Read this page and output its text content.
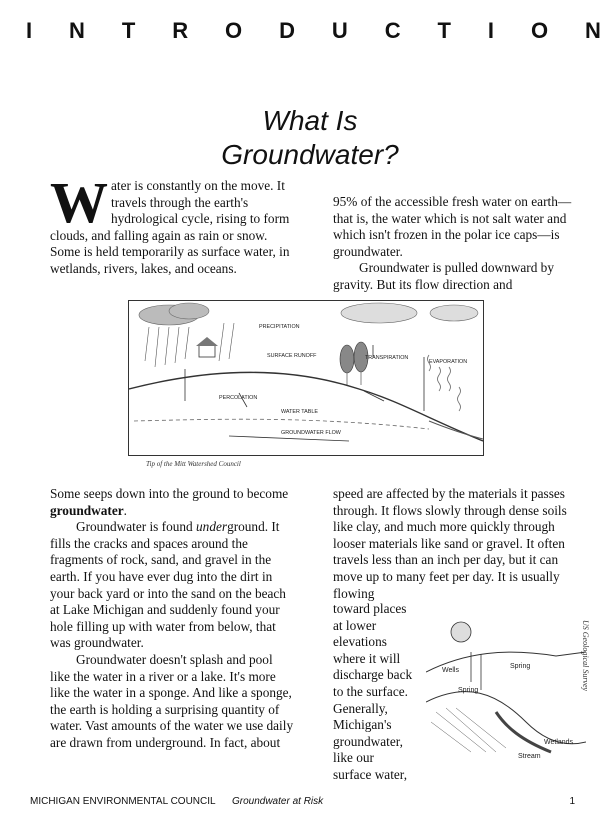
I N T R O D U C T I O N
What Is
Groundwater?

Water is constantly on the move. It travels through the earth's hydrological cycle, rising to form clouds, and falling again as rain or snow. Some is held temporarily as surface water, in wetlands, rivers, lakes, and oceans.

95% of the accessible fresh water on earth—that is, the water which is not salt water and which isn't frozen in the polar ice caps—is groundwater.

Groundwater is pulled downward by gravity. But its flow direction and

PRECIPITATION
SURFACE RUNOFF	TRANSPIRATION
EVAPORATION
PERCOLATION
WATER TABLE
GROUNDWATER FLOW
Tip of the Mitt Watershed Council

Some seeps down into the ground to become groundwater.

Groundwater is found underground. It fills the cracks and spaces around the fragments of rock, sand, and gravel in the earth. If you have ever dug into the dirt in your back yard or into the sand on the beach at Lake Michigan and suddenly found your hole filling up with water from below, that was groundwater.

Groundwater doesn't splash and pool like the water in a river or a lake. It's more like the water in a sponge. And like a sponge, the earth is holding a surprising quantity of water. Vast amounts of the water we use daily are drawn from underground. In fact, about

speed are affected by the materials it passes through. It flows slowly through dense soils like clay, and much more quickly through looser materials like sand or gravel. It often travels less than an inch per day, but it can move up to many feet per day. It is usually flowing

toward places
at lower
elevations
where it will
discharge back
to the surface.
Generally,
Michigan's
groundwater,
like our
surface water,
Spring
Wells
Spring
Wetlands
Stream
US Geological Survey
MICHIGAN ENVIRONMENTAL COUNCIL Groundwater at Risk	1
